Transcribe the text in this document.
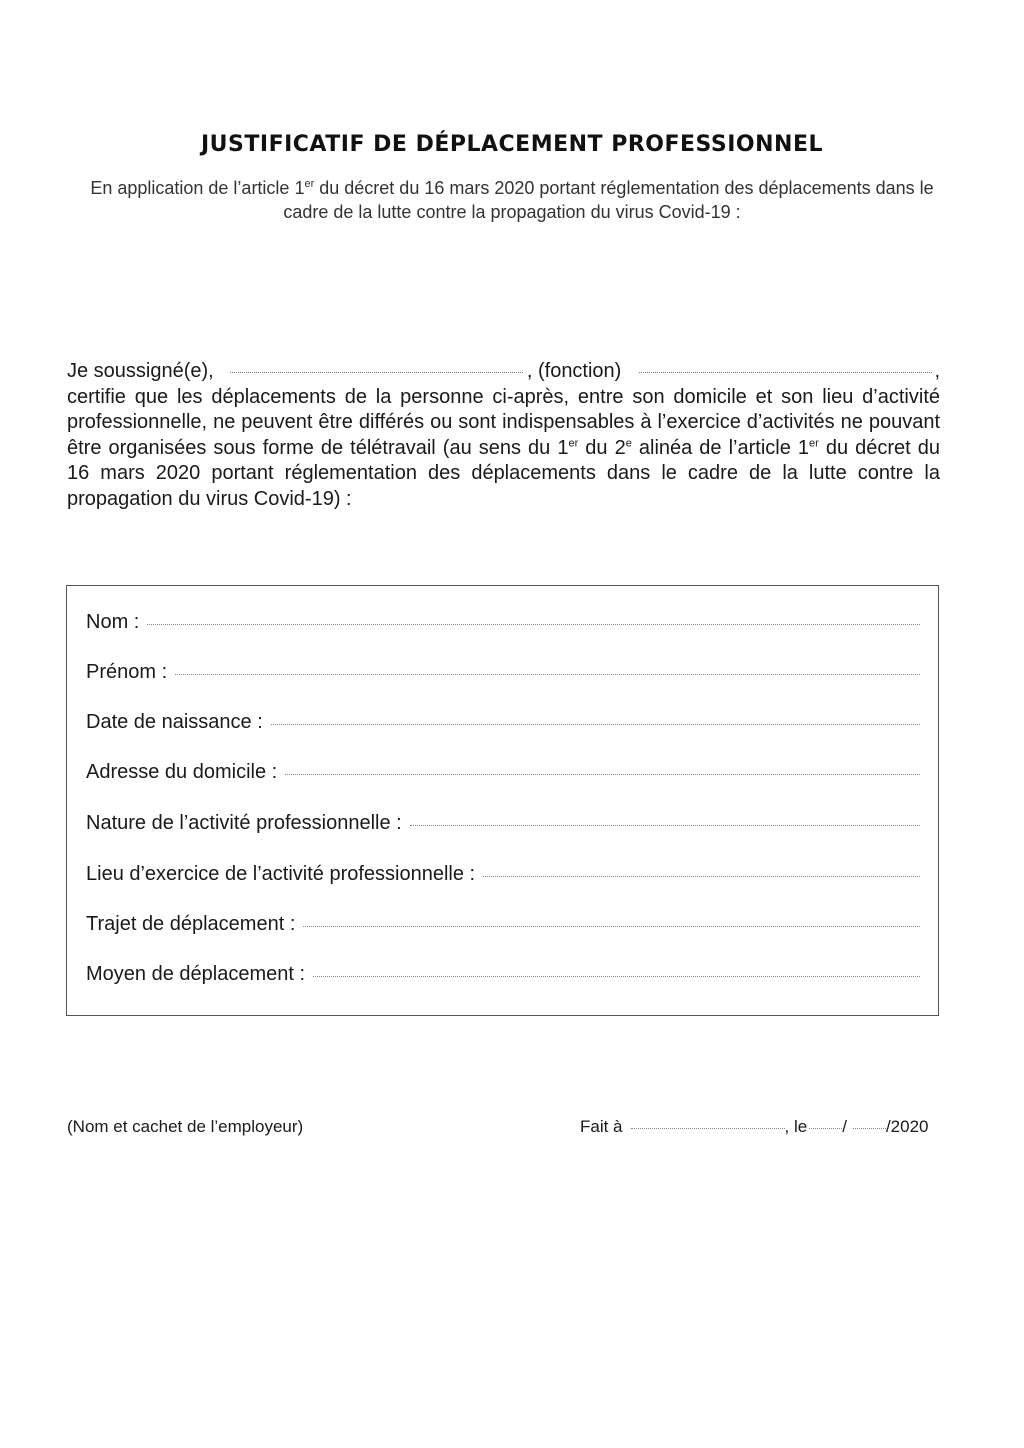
JUSTIFICATIF DE DÉPLACEMENT PROFESSIONNEL
En application de l’article 1er du décret du 16 mars 2020 portant réglementation des déplacements dans le cadre de la lutte contre la propagation du virus Covid-19 :
Je soussigné(e),	, (fonction)	,
certifie que les déplacements de la personne ci-après, entre son domicile et son lieu d’activité professionnelle, ne peuvent être différés ou sont indispensables à l’exercice d’activités ne pouvant être organisées sous forme de télétravail (au sens du 1er du 2e alinéa de l’article 1er du décret du 16 mars 2020 portant réglementation des déplacements dans le cadre de la lutte contre la propagation du virus Covid-19) :
Nom :
Prénom :
Date de naissance :
Adresse du domicile :
Nature de l’activité professionnelle :
Lieu d’exercice de l’activité professionnelle :
Trajet de déplacement :
Moyen de déplacement :
(Nom et cachet de l’employeur)	Fait à	, le / /2020
